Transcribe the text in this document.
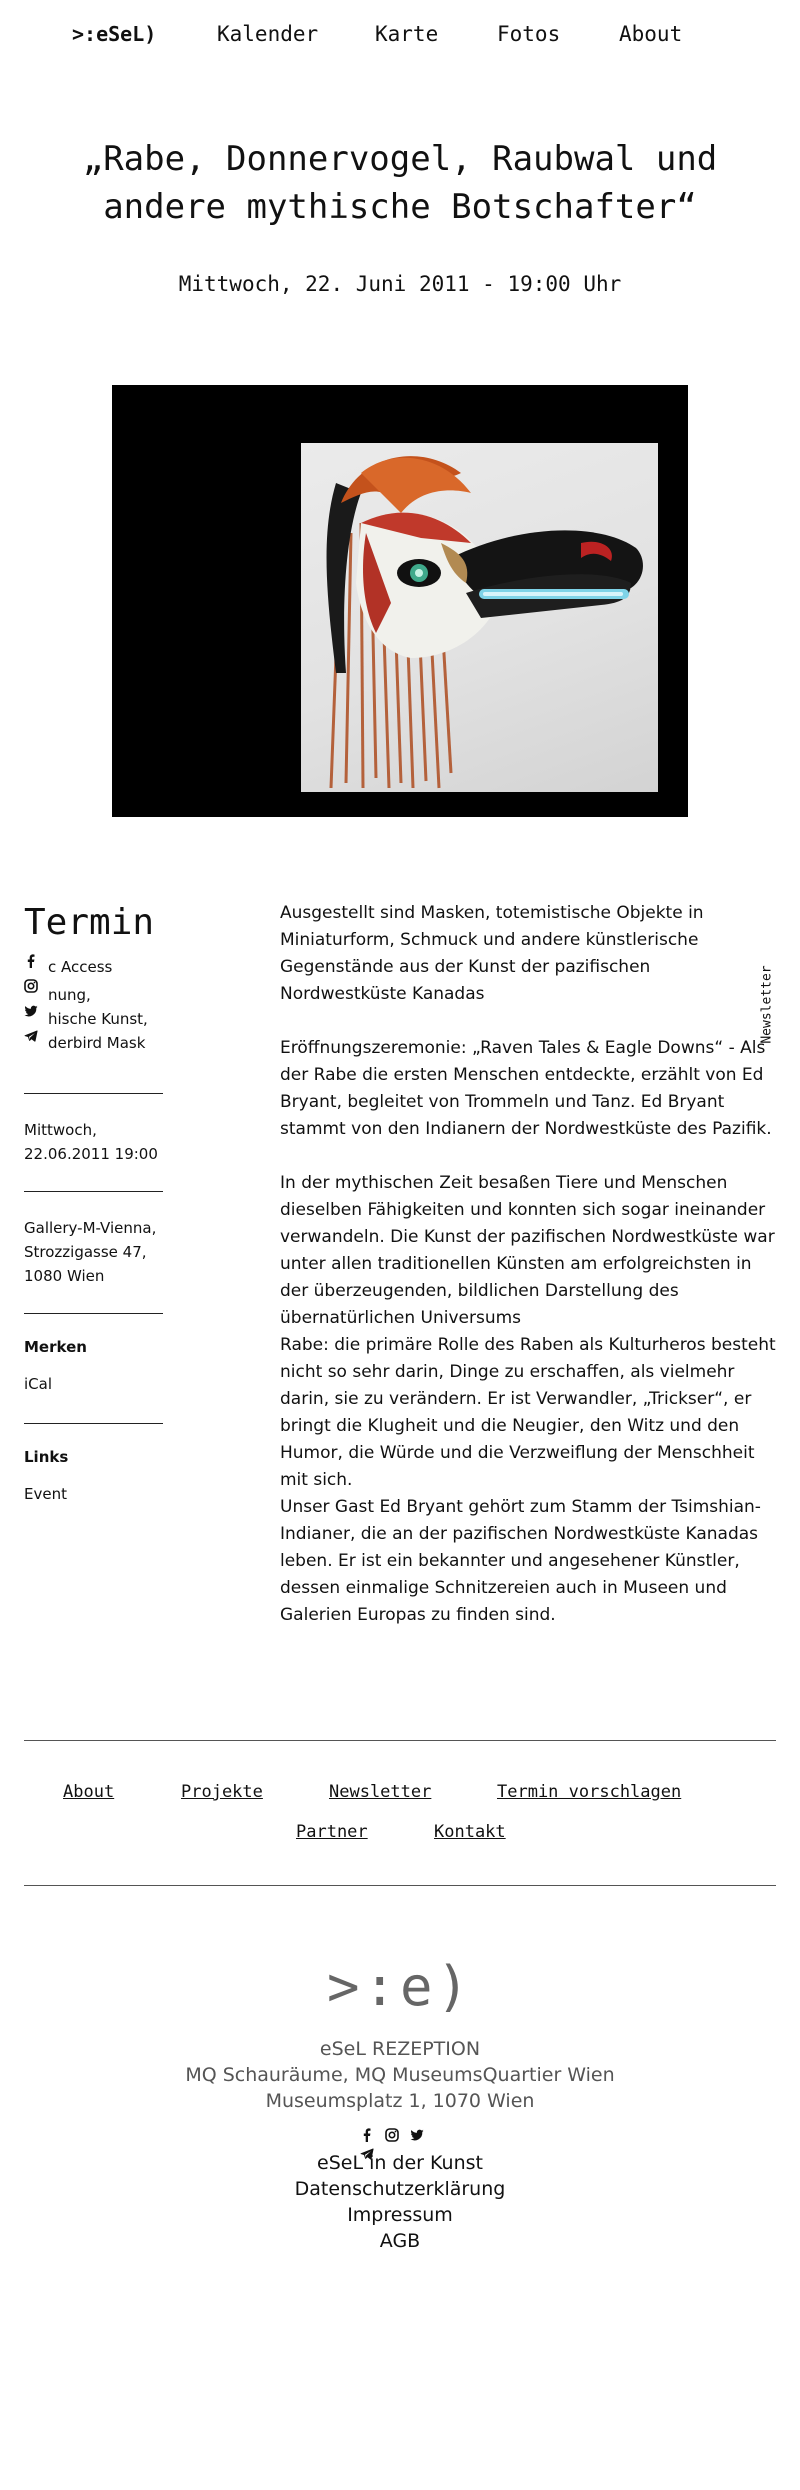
>:eSeL)	Kalender	Karte	Fotos	About
„Rabe, Donnervogel, Raubwal und
andere mythische Botschafter“
Mittwoch, 22. Juni 2011 - 19:00 Uhr
Termin
c Access
nung,
hische Kunst,
derbird Mask
Mittwoch,
22.06.2011 19:00
Gallery-M-Vienna,
Strozzigasse 47,
1080 Wien
Merken
iCal
Links
Event

Ausgestellt sind Masken, totemistische Objekte in Miniaturform, Schmuck und andere künstlerische Gegenstände aus der Kunst der pazifischen Nordwestküste Kanadas

Eröffnungszeremonie: „Raven Tales & Eagle Downs“ - Als der Rabe die ersten Menschen entdeckte, erzählt von Ed Bryant, begleitet von Trommeln und Tanz. Ed Bryant stammt von den Indianern der Nordwestküste des Pazifik.

In der mythischen Zeit besaßen Tiere und Menschen dieselben Fähigkeiten und konnten sich sogar ineinander verwandeln. Die Kunst der pazifischen Nordwestküste war unter allen traditionellen Künsten am erfolgreichsten in der überzeugenden, bildlichen Darstellung des übernatürlichen Universums

Rabe: die primäre Rolle des Raben als Kulturheros besteht nicht so sehr darin, Dinge zu erschaffen, als vielmehr darin, sie zu verändern. Er ist Verwandler, „Trickser“, er bringt die Klugheit und die Neugier, den Witz und den Humor, die Würde und die Verzweiflung der Menschheit mit sich.

Unser Gast Ed Bryant gehört zum Stamm der Tsimshian-Indianer, die an der pazifischen Nordwestküste Kanadas leben. Er ist ein bekannter und angesehener Künstler, dessen einmalige Schnitzereien auch in Museen und Galerien Europas zu finden sind.

Newsletter
About	Projekte	Newsletter	Termin vorschlagen
Partner	Kontakt
>:e)
eSeL REZEPTION
MQ Schauräume, MQ MuseumsQuartier Wien
Museumsplatz 1, 1070 Wien

eSeL in der Kunst
Datenschutzerklärung
Impressum
AGB
